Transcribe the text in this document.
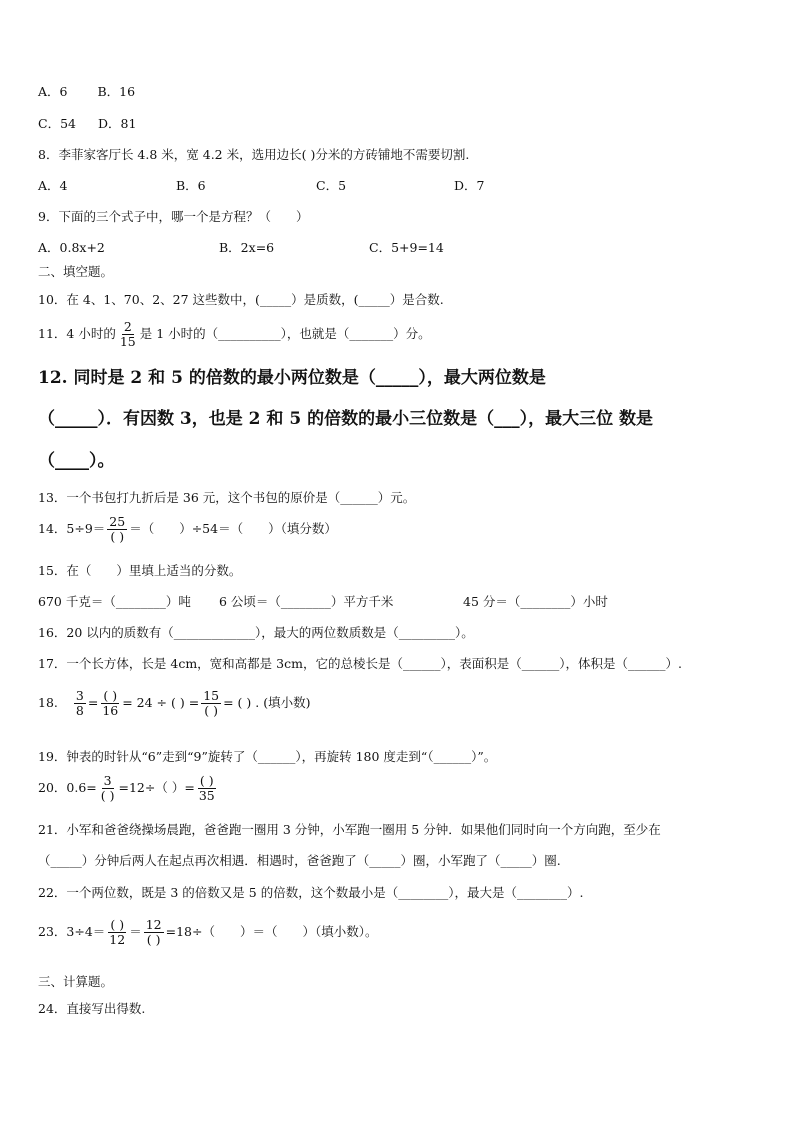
A．6 B．16
C．54 D．81
8．李菲家客厅长 4.8 米，宽 4.2 米，选用边长( )分米的方砖铺地不需要切割.
A．4	B．6	C．5	D．7
9．下面的三个式子中，哪一个是方程？（　　）
A．0.8x+2	B．2x=6	C．5+9=14
二、填空题。
10．在 4、1、70、2、27 这些数中，(_____）是质数，(_____）是合数.
11．4 小时的 $\frac{2}{15}$ 是 1 小时的（__________），也就是（_______）分。
12. 同时是 2 和 5 的倍数的最小两位数是（_____），最大两位数是
（_____）．有因数 3，也是 2 和 5 的倍数的最小三位数是（___），最大三位 数是
（____）。
13．一个书包打九折后是 36 元，这个书包的原价是（______）元。
14．$5\div 9= \frac{25}{( )}$ ＝（　　）÷54＝（　　）（填分数）
15．在（　　）里填上适当的分数。
670 千克＝（________）吨 6 公顷＝（________）平方千米	45 分＝（________）小时
16．20 以内的质数有（_____________），最大的两位数质数是（_________）。
17．一个长方体，长是 4cm，宽和高都是 3cm，它的总棱长是（______），表面积是（______），体积是（______）.
18. $\frac{3}{8} = \frac{( )}{16} = 24$ ÷ ( ) = $\frac{15}{( )}$ = ( ) . (填小数)
19．钟表的时针从“6”走到“9”旋转了（______），再旋转 180 度走到“（______）”。
20．$0.6= \frac{3}{( )} =12\div$（ ）= $\frac{( )}{35}$
21．小军和爸爸绕操场晨跑，爸爸跑一圈用 3 分钟，小军跑一圈用 5 分钟．如果他们同时向一个方向跑，至少在
（_____）分钟后两人在起点再次相遇．相遇时，爸爸跑了（_____）圈，小军跑了（_____）圈.
22．一个两位数，既是 3 的倍数又是 5 的倍数，这个数最小是（________），最大是（________）.
23．$3\div 4= \frac{( )}{12} = \frac{12}{( )} =18\div$（　　）＝（　　）（填小数）。
三、计算题。
24．直接写出得数.
